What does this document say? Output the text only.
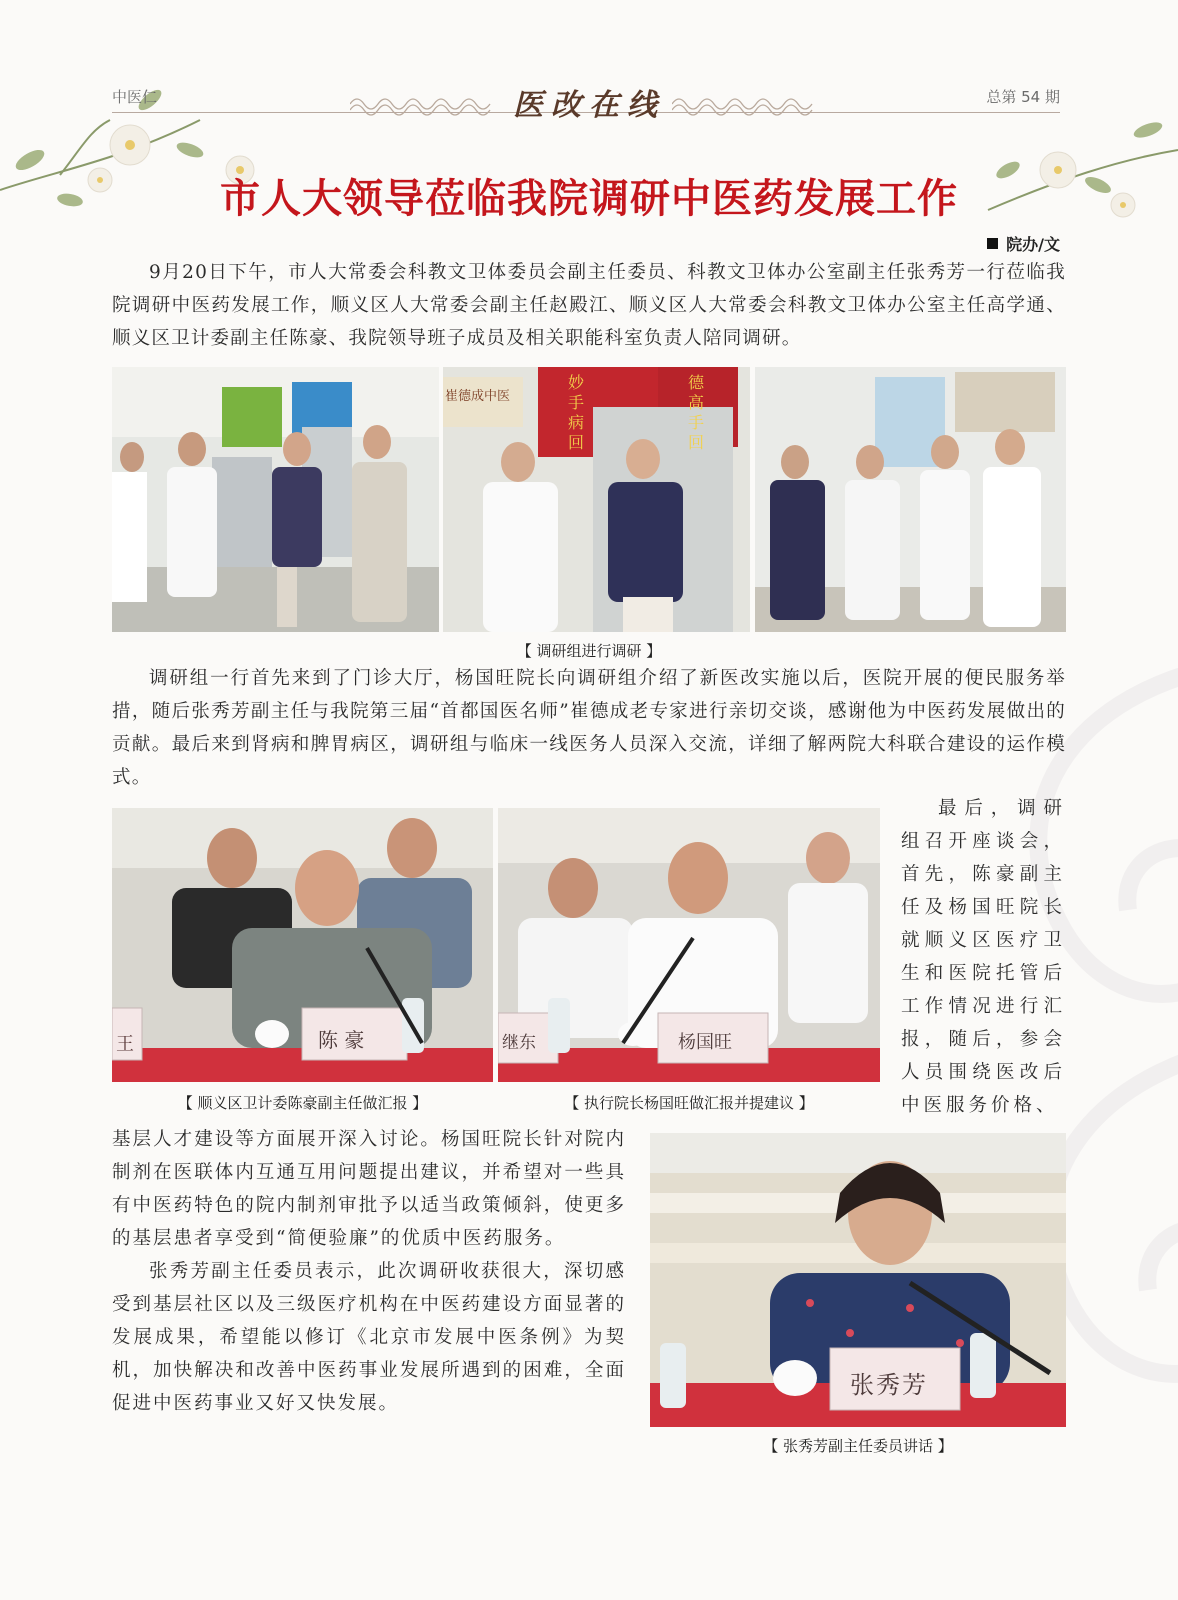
中医仁	总第 54 期
医改在线
市人大领导莅临我院调研中医药发展工作
院办/文

9月20日下午，市人大常委会科教文卫体委员会副主任委员、科教文卫体办公室副主任张秀芳一行莅临我院调研中医药发展工作，顺义区人大常委会副主任赵殿江、顺义区人大常委会科教文卫体办公室主任高学通、顺义区卫计委副主任陈豪、我院领导班子成员及相关职能科室负责人陪同调研。

崔德成中医
妙手病回
德高手回
【 调研组进行调研 】

调研组一行首先来到了门诊大厅，杨国旺院长向调研组介绍了新医改实施以后，医院开展的便民服务举措，随后张秀芳副主任与我院第三届“首都国医名师”崔德成老专家进行亲切交谈，感谢他为中医药发展做出的贡献。最后来到肾病和脾胃病区，调研组与临床一线医务人员深入交流，详细了解两院大科联合建设的运作模式。

王	陈 豪	继东	杨国旺
【 顺义区卫计委陈豪副主任做汇报 】	【 执行院长杨国旺做汇报并提建议 】

最后，调研组召开座谈会，首先，陈豪副主任及杨国旺院长就顺义区医疗卫生和医院托管后工作情况进行汇报，随后，参会人员围绕医改后中医服务价格、

基层人才建设等方面展开深入讨论。杨国旺院长针对院内制剂在医联体内互通互用问题提出建议，并希望对一些具有中医药特色的院内制剂审批予以适当政策倾斜，使更多的基层患者享受到“简便验廉”的优质中医药服务。

张秀芳副主任委员表示，此次调研收获很大，深切感受到基层社区以及三级医疗机构在中医药建设方面显著的发展成果，希望能以修订《北京市发展中医条例》为契机，加快解决和改善中医药事业发展所遇到的困难，全面促进中医药事业又好又快发展。

张秀芳
【 张秀芳副主任委员讲话 】
